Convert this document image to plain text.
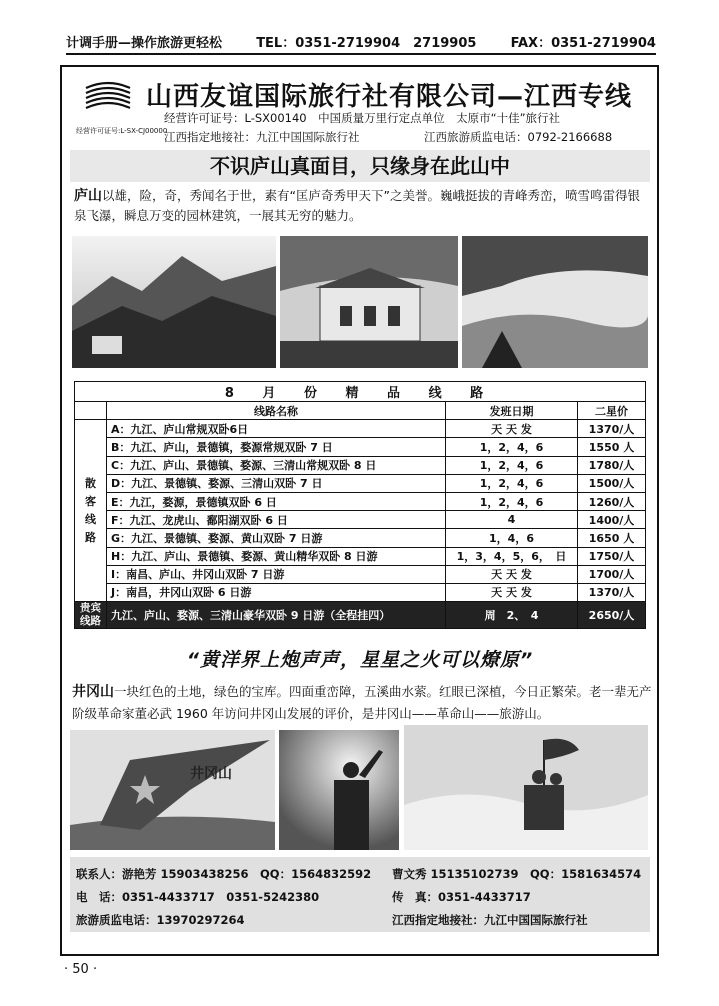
计调手册—操作旅游更轻松	TEL：0351-2719904　2719905	FAX：0351-2719904
经营许可证号:L-SX-CJ00000
山西友谊国际旅行社有限公司—江西专线
经营许可证号：L-SX00140　中国质量万里行定点单位　太原市“十佳”旅行社
江西指定地接社：九江中国国际旅行社	江西旅游质监电话：0792-2166688
不识庐山真面目，只缘身在此山中
庐山以雄，险，奇，秀闻名于世，素有“匡庐奇秀甲天下”之美誉。巍峨挺拔的青峰秀峦，喷雪鸣雷得银泉飞瀑，瞬息万变的园林建筑，一展其无穷的魅力。
8 月 份 精 品 线 路			
	线路名称	发班日期	二星价
散客线路	A：九江、庐山常规双卧6日	天 天 发	1370/人
	B：九江、庐山，景德镇，婺源常规双卧 7 日	1，2，4，6	1550 人
	C：九江、庐山、景德镇、婺源、三清山常规双卧 8 日	1，2，4，6	1780/人
	D：九江、景德镇、婺源、三清山双卧 7 日	1，2，4，6	1500/人
	E：九江，婺源，景德镇双卧 6 日	1，2，4，6	1260/人
	F：九江、龙虎山、鄱阳湖双卧 6 日	4	1400/人
	G：九江、景德镇、婺源、黄山双卧 7 日游	1，4，6	1650 人
	H：九江、庐山、景德镇、婺源、黄山精华双卧 8 日游	1，3，4，5，6，　日	1750/人
	I：南昌、庐山、井冈山双卧 7 日游	天 天 发	1700/人
	J：南昌，井冈山双卧 6 日游	天 天 发	1370/人
贵宾线路	九江、庐山、婺源、三清山豪华双卧 9 日游（全程挂四）	周　2、　4	2650/人
“黄洋界上炮声声，星星之火可以燎原”
井冈山一块红色的土地，绿色的宝库。四面重峦障，五溪曲水萦。红眼已深植，今日正繁荣。老一辈无产阶级革命家董必武 1960 年访问井冈山发展的评价，是井冈山——革命山——旅游山。
井冈山
联系人：游艳芳 15903438256　QQ：1564832592 曹文秀 15135102739　QQ：1581634574
电　话：0351-4433717　0351-5242380	传　真：0351-4433717
旅游质监电话：13970297264	江西指定地接社：九江中国国际旅行社
· 50 ·
